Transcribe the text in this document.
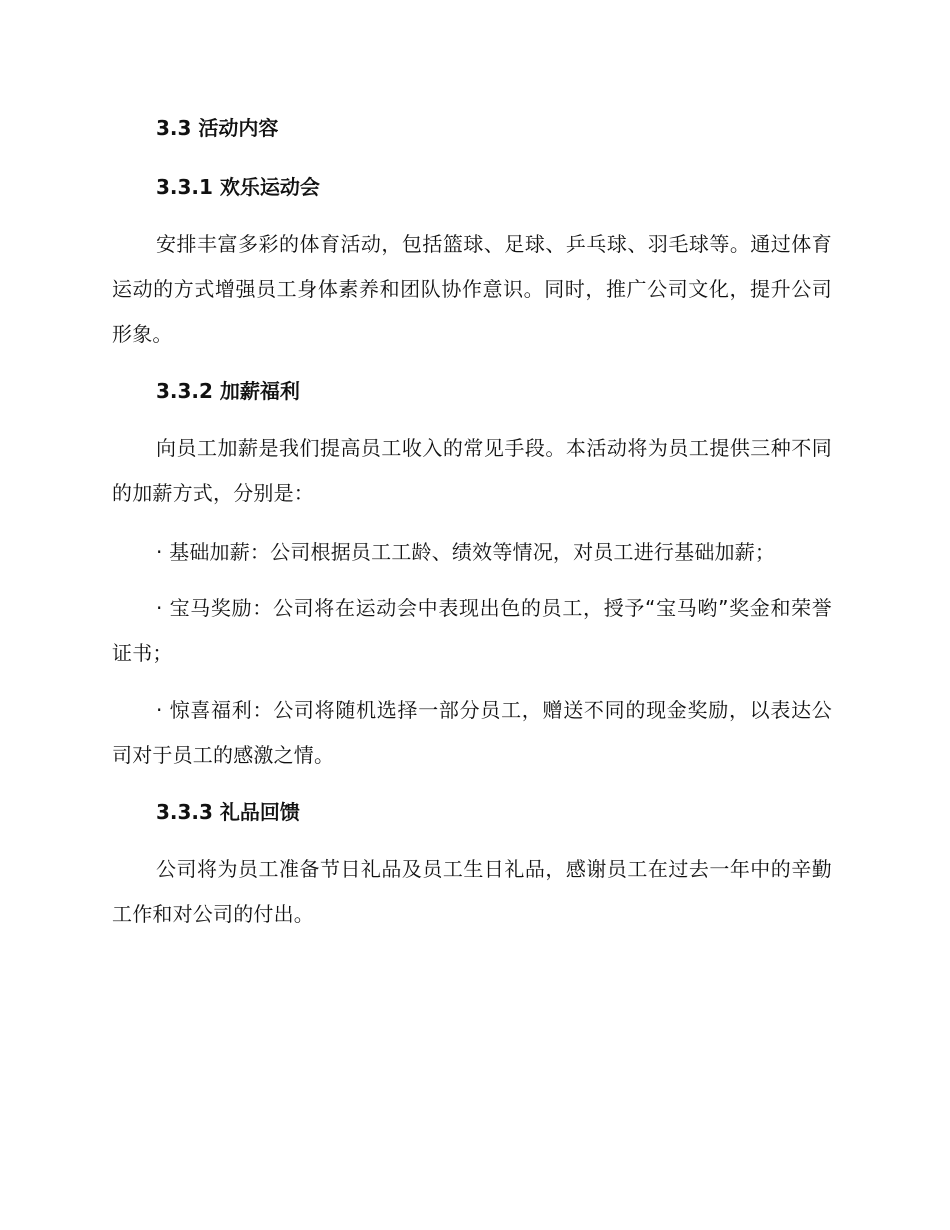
3.3 活动内容
3.3.1 欢乐运动会

安排丰富多彩的体育活动，包括篮球、足球、乒乓球、羽毛球等。通过体育运动的方式增强员工身体素养和团队协作意识。同时，推广公司文化，提升公司形象。

3.3.2 加薪福利

向员工加薪是我们提高员工收入的常见手段。本活动将为员工提供三种不同的加薪方式，分别是：

· 基础加薪：公司根据员工工龄、绩效等情况，对员工进行基础加薪；

· 宝马奖励：公司将在运动会中表现出色的员工，授予“宝马哟”奖金和荣誉证书；

· 惊喜福利：公司将随机选择一部分员工，赠送不同的现金奖励，以表达公司对于员工的感激之情。

3.3.3 礼品回馈

公司将为员工准备节日礼品及员工生日礼品，感谢员工在过去一年中的辛勤工作和对公司的付出。
